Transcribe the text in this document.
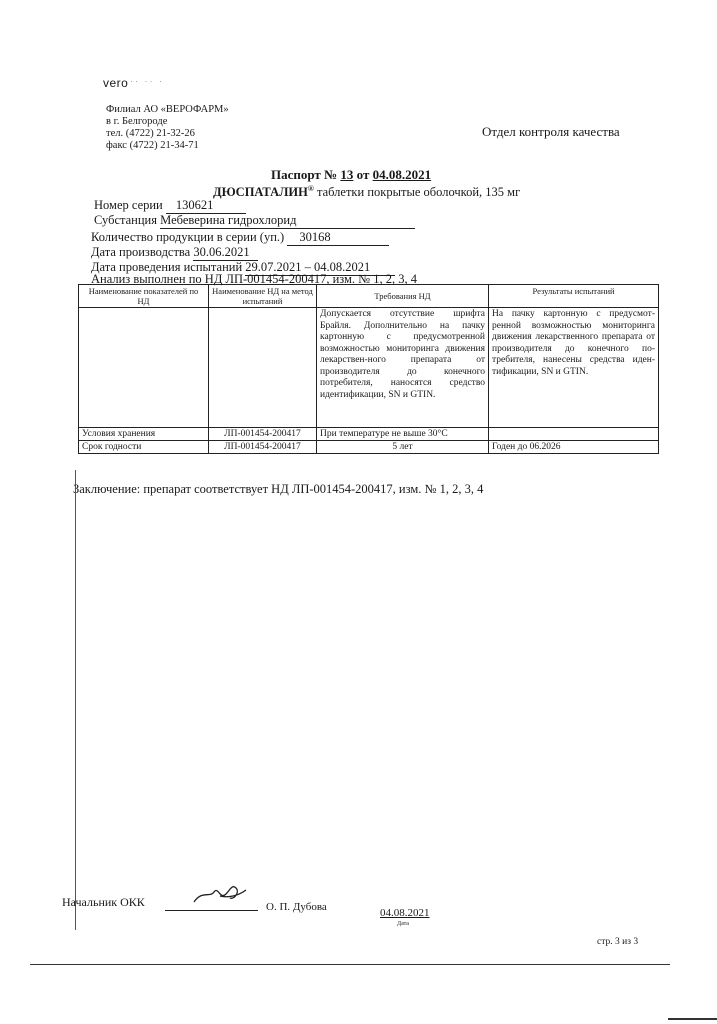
vero ·· ·· ·
Филиал АО «ВЕРОФАРМ»
в г. Белгороде
тел. (4722) 21-32-26
факс (4722) 21-34-71
Отдел контроля качества
Паспорт № 13 от 04.08.2021
ДЮСПАТАЛИН® таблетки покрытые оболочкой, 135 мг
Номер серии 130621
Субстанция Мебеверина гидрохлорид
Количество продукции в серии (уп.) 30168
Дата производства 30.06.2021
Дата проведения испытаний 29.07.2021 – 04.08.2021
Анализ выполнен по НД ЛП-001454-200417, изм. № 1, 2, 3, 4
Наименование показателей по НД	Наименование НД на метод испытаний	Требования НД	Результаты испытаний
		Допускается отсутствие шрифта Брайля. Дополнительно на пачку картонную с предусмотренной возможностью мониторинга движения лекарствен-ного препарата от производителя до конечного потребителя, наносятся средство идентификации, SN и GTIN.	На пачку картонную с предусмот-ренной возможностью мониторинга движения лекарственного препарата от производителя до конечного по-требителя, нанесены средства иден-тификации, SN и GTIN.
Условия хранения	ЛП-001454-200417	При температуре не выше 30°С	
Срок годности	ЛП-001454-200417	5 лет	Годен до 06.2026
Заключение: препарат соответствует НД ЛП-001454-200417, изм. № 1, 2, 3, 4
Начальник ОКК	О. П. Дубова	04.08.2021
Дата
стр. 3 из 3
